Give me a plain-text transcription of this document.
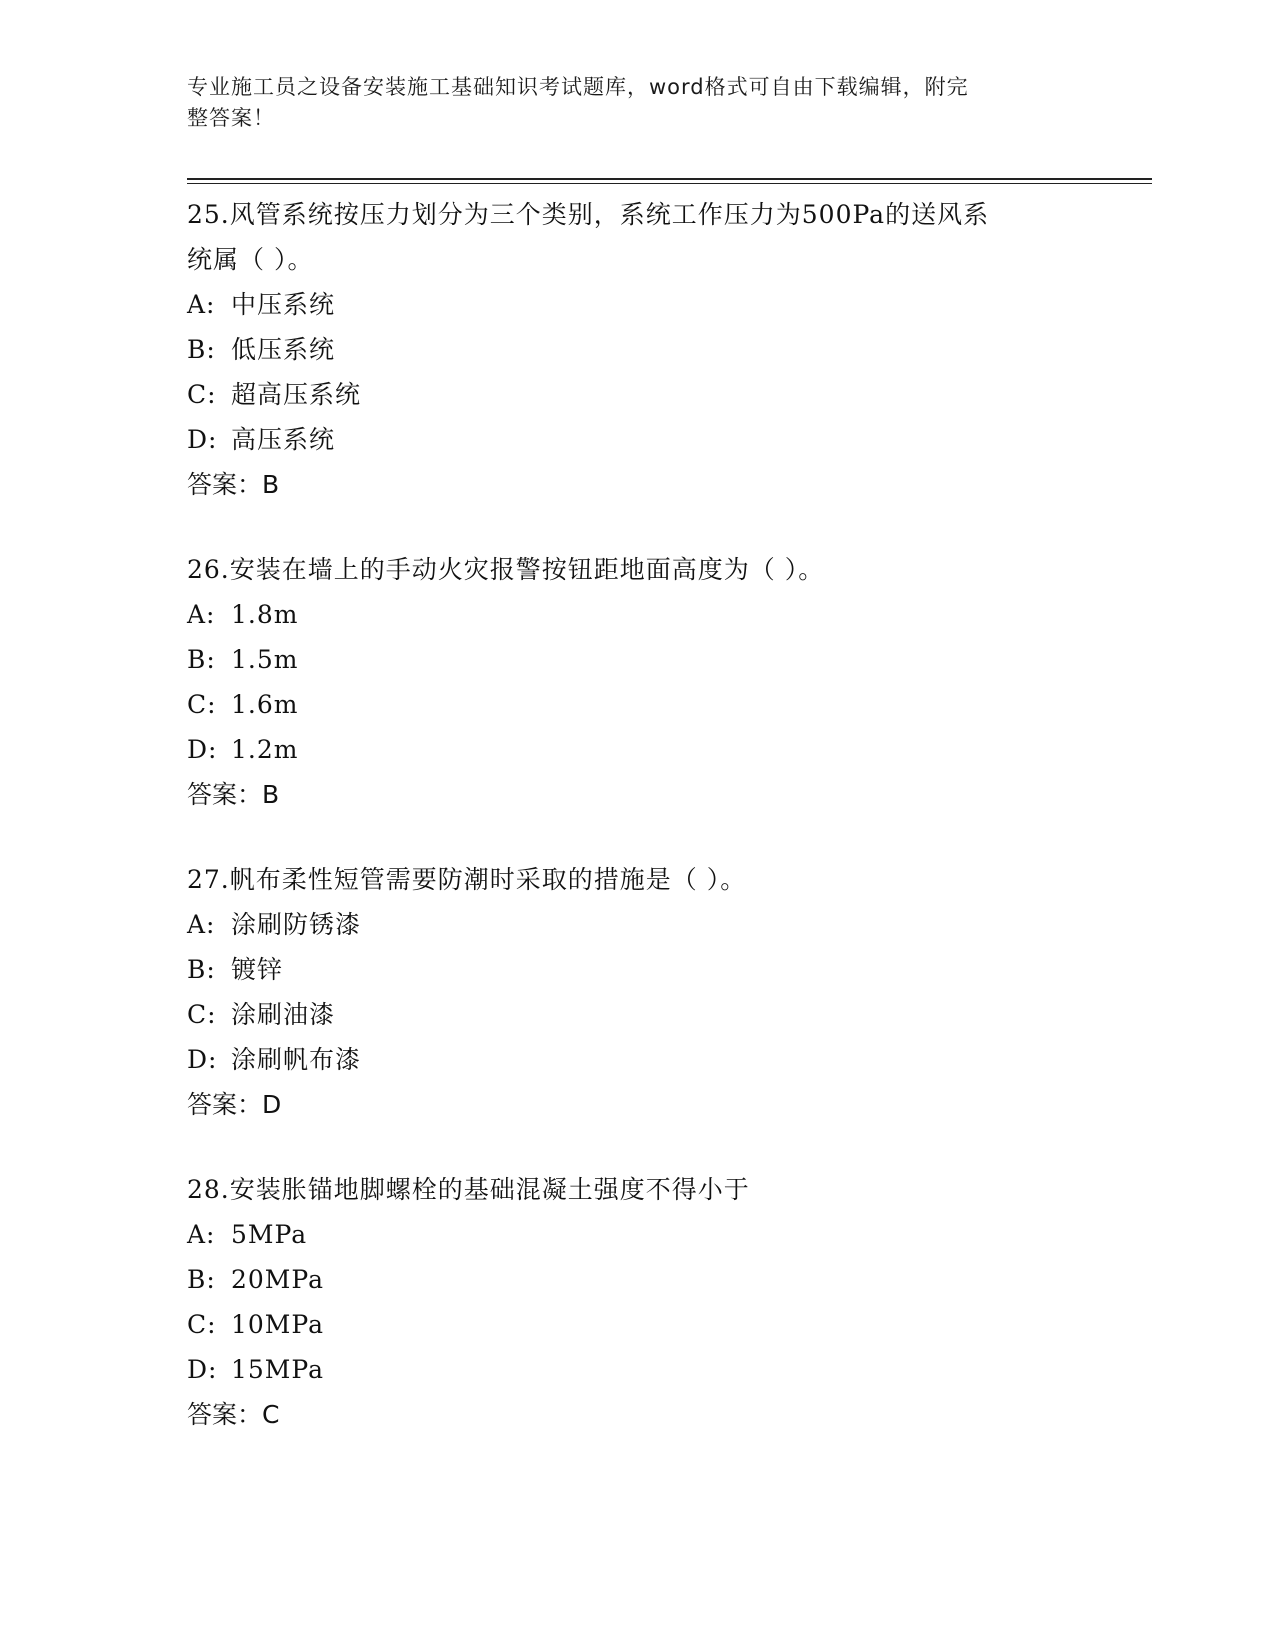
专业施工员之设备安装施工基础知识考试题库，word格式可自由下载编辑，附完
整答案！

25.风管系统按压力划分为三个类别，系统工作压力为500Pa的送风系

统属（ ）。

A: 中压系统

B: 低压系统

C: 超高压系统

D: 高压系统

答案：B

26.安装在墙上的手动火灾报警按钮距地面高度为（ ）。

A: 1.8m

B: 1.5m

C: 1.6m

D: 1.2m

答案：B

27.帆布柔性短管需要防潮时采取的措施是（ ）。

A: 涂刷防锈漆

B: 镀锌

C: 涂刷油漆

D: 涂刷帆布漆

答案：D

28.安装胀锚地脚螺栓的基础混凝土强度不得小于

A: 5MPa

B: 20MPa

C: 10MPa

D: 15MPa

答案：C
